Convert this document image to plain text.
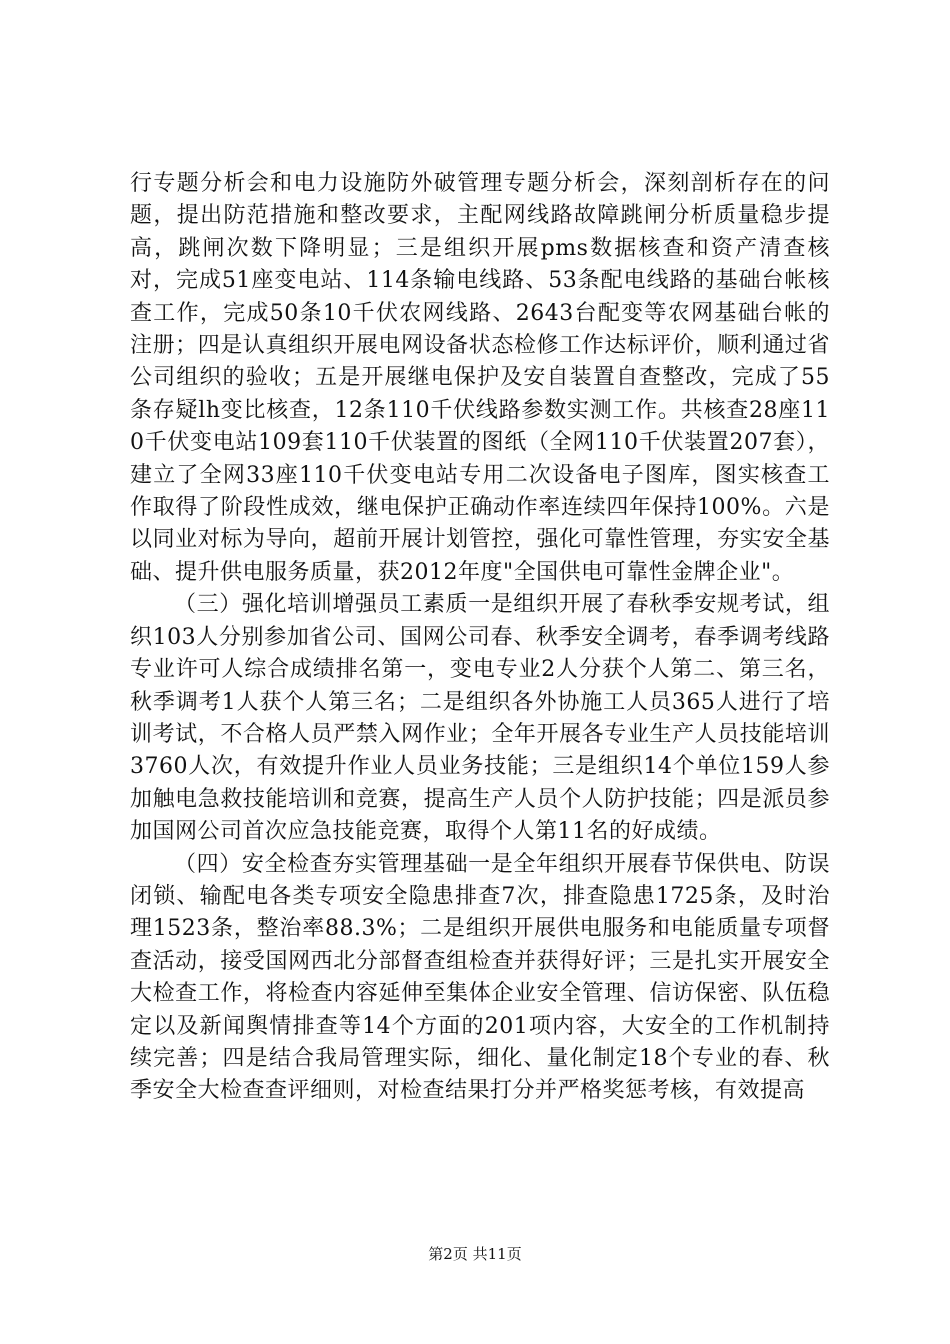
行专题分析会和电力设施防外破管理专题分析会，深刻剖析存在的问题，提出防范措施和整改要求，主配网线路故障跳闸分析质量稳步提高，跳闸次数下降明显；三是组织开展pms数据核查和资产清查核对，完成51座变电站、114条输电线路、53条配电线路的基础台帐核查工作，完成50条10千伏农网线路、2643台配变等农网基础台帐的注册；四是认真组织开展电网设备状态检修工作达标评价，顺利通过省公司组织的验收；五是开展继电保护及安自装置自查整改，完成了55条存疑lh变比核查，12条110千伏线路参数实测工作。共核查28座110千伏变电站109套110千伏装置的图纸（全网110千伏装置207套），建立了全网33座110千伏变电站专用二次设备电子图库，图实核查工作取得了阶段性成效，继电保护正确动作率连续四年保持100%。六是以同业对标为导向，超前开展计划管控，强化可靠性管理，夯实安全基础、提升供电服务质量，获2012年度"全国供电可靠性金牌企业"。

（三）强化培训增强员工素质一是组织开展了春秋季安规考试，组织103人分别参加省公司、国网公司春、秋季安全调考，春季调考线路专业许可人综合成绩排名第一，变电专业2人分获个人第二、第三名，秋季调考1人获个人第三名；二是组织各外协施工人员365人进行了培训考试，不合格人员严禁入网作业；全年开展各专业生产人员技能培训3760人次，有效提升作业人员业务技能；三是组织14个单位159人参加触电急救技能培训和竞赛，提高生产人员个人防护技能；四是派员参加国网公司首次应急技能竞赛，取得个人第11名的好成绩。

（四）安全检查夯实管理基础一是全年组织开展春节保供电、防误闭锁、输配电各类专项安全隐患排查7次，排查隐患1725条，及时治理1523条，整治率88.3%；二是组织开展供电服务和电能质量专项督查活动，接受国网西北分部督查组检查并获得好评；三是扎实开展安全大检查工作，将检查内容延伸至集体企业安全管理、信访保密、队伍稳定以及新闻舆情排查等14个方面的201项内容，大安全的工作机制持续完善；四是结合我局管理实际，细化、量化制定18个专业的春、秋季安全大检查查评细则，对检查结果打分并严格奖惩考核，有效提高

第2页 共11页
